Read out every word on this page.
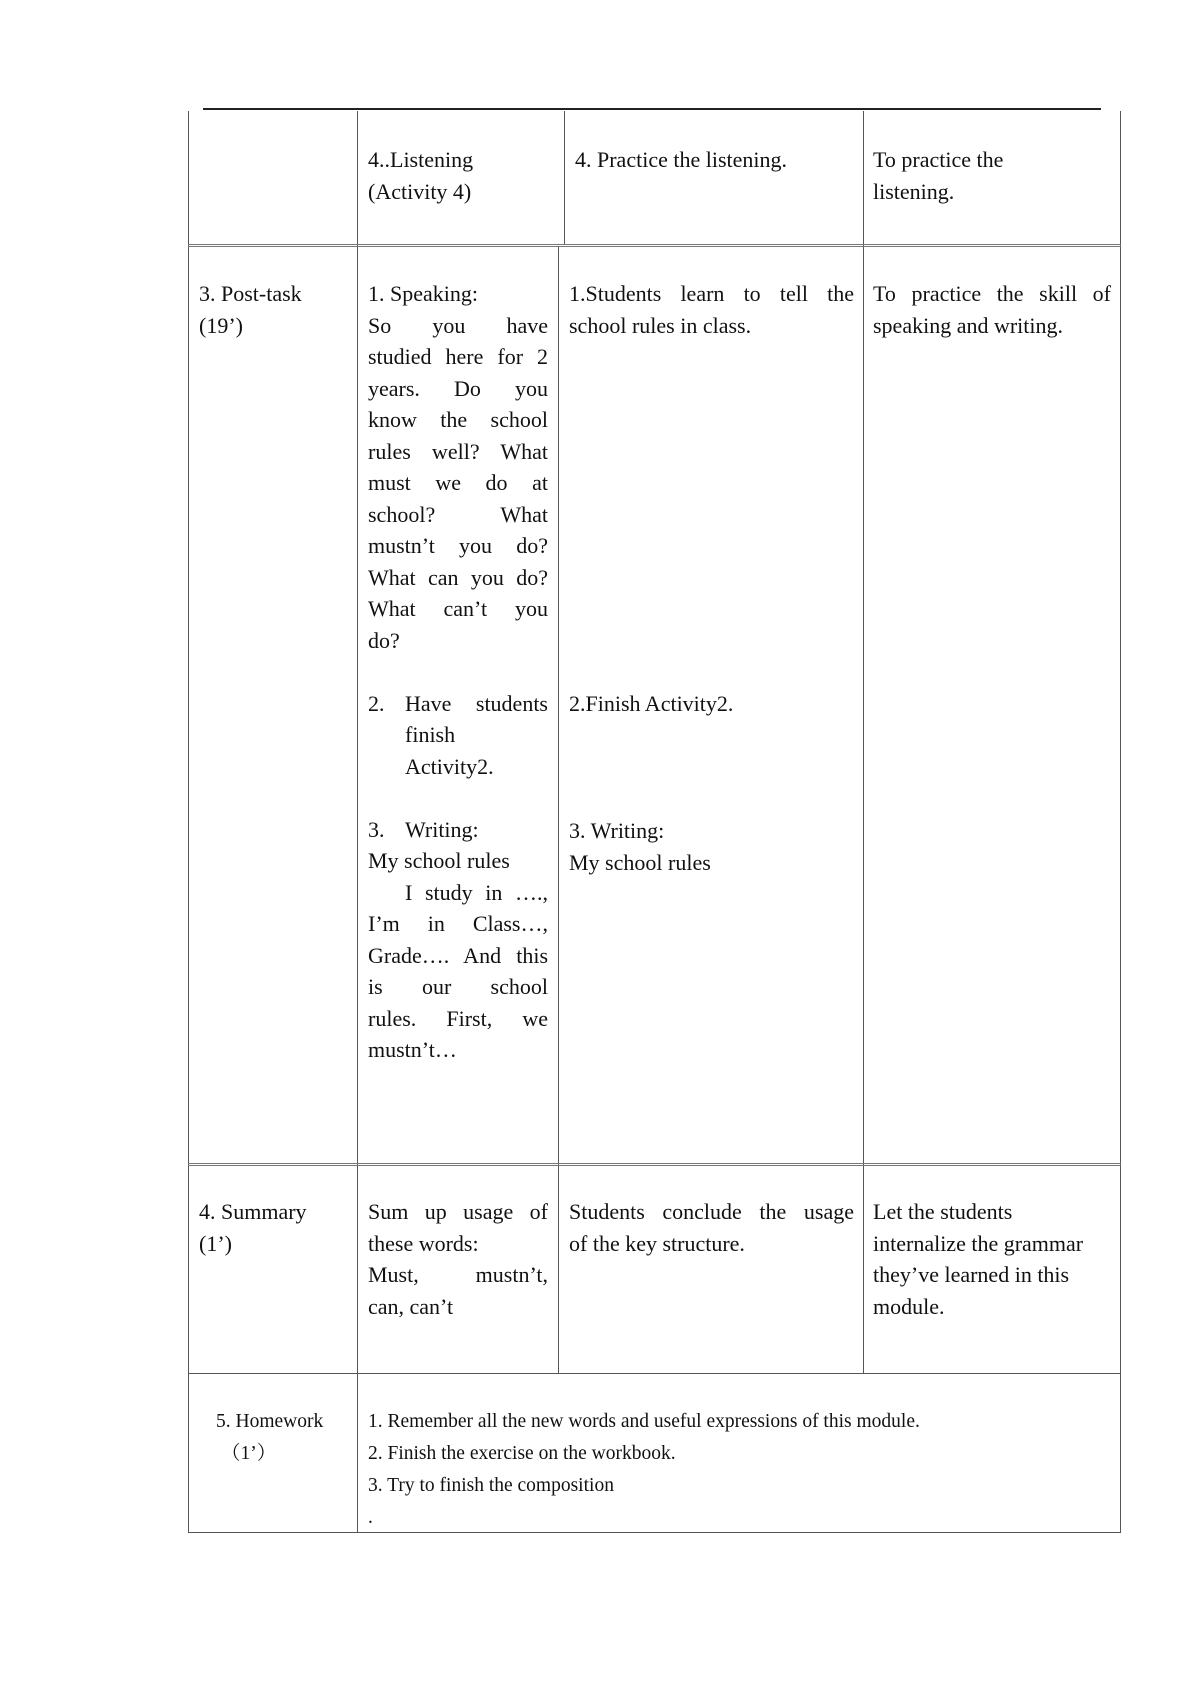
4..Listening

(Activity 4)

4. Practice the listening.	To practice the

listening.

3. Post-task

(19’)

1. Speaking:

So you have

studied here for 2

years. Do you

know the school

rules well? What

must we do at

school? What

mustn’t you do?

What can you do?

What can’t you

do?

2. Have students

finish

Activity2.

3. Writing:

My school rules

I study in ….,

I’m in Class…,

Grade…. And this

is our school

rules. First, we

mustn’t…

1.Students learn to tell the

school rules in class.

2.Finish Activity2.

3. Writing:

My school rules

To practice the skill of

speaking and writing.

4. Summary

(1’)

Sum up usage of

these words:

Must, mustn’t,

can, can’t

Students conclude the usage

of the key structure.

Let the students

internalize the grammar

they’ve learned in this

module.

5. Homework

（1’）

1. Remember all the new words and useful expressions of this module.

2. Finish the exercise on the workbook.

3. Try to finish the composition

.
